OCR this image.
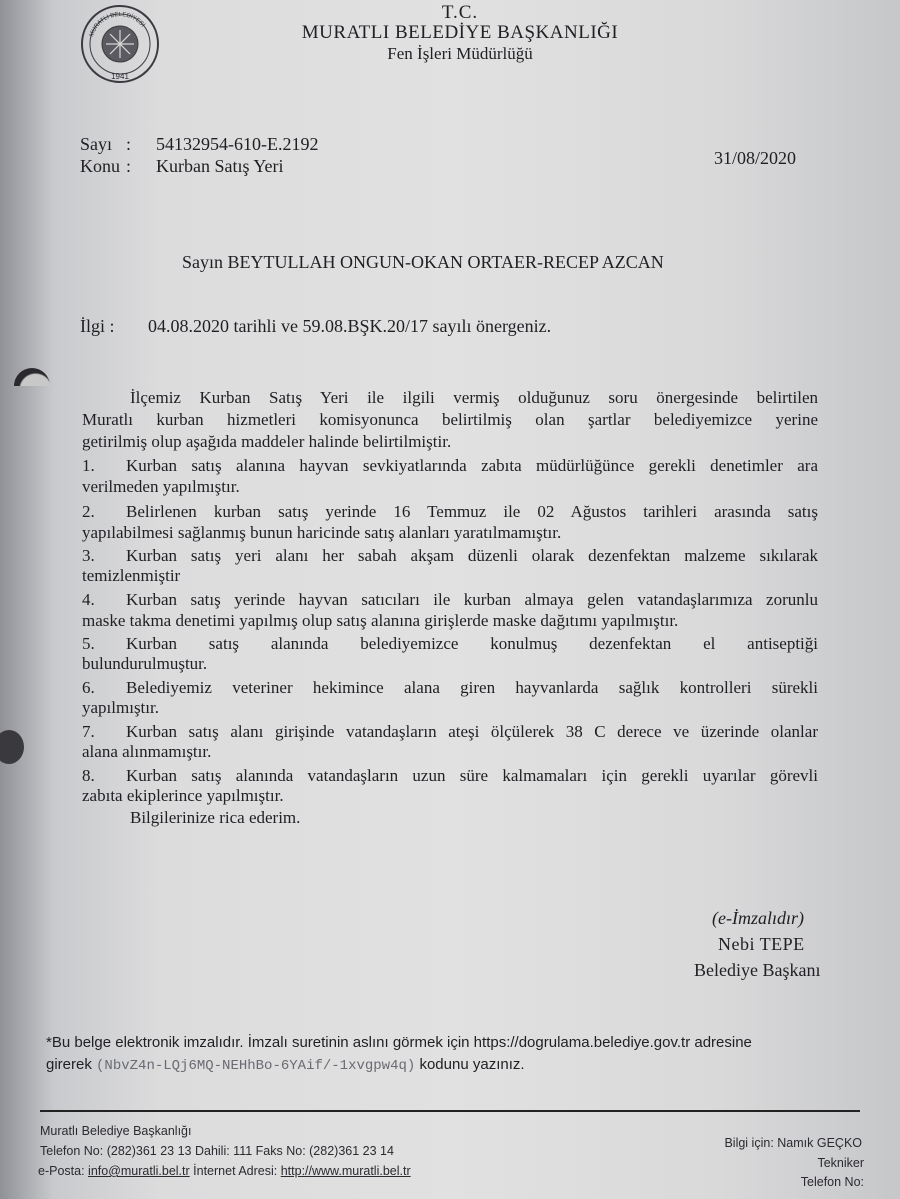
MURATLI BELEDİYESİ
1941
T.C.
MURATLI BELEDİYE BAŞKANLIĞI
Fen İşleri Müdürlüğü
Sayı : 54132954-610-E.2192
Konu : Kurban Satış Yeri	31/08/2020
Sayın BEYTULLAH ONGUN-OKAN ORTAER-RECEP AZCAN
İlgi : 04.08.2020 tarihli ve 59.08.BŞK.20/17 sayılı önergeniz.
İlçemiz Kurban Satış Yeri ile ilgili vermiş olduğunuz soru önergesinde belirtilen
Muratlı kurban hizmetleri komisyonunca belirtilmiş olan şartlar belediyemizce yerine
getirilmiş olup aşağıda maddeler halinde belirtilmiştir.
1. Kurban satış alanına hayvan sevkiyatlarında zabıta müdürlüğünce gerekli denetimler ara
verilmeden yapılmıştır.
2. Belirlenen kurban satış yerinde 16 Temmuz ile 02 Ağustos tarihleri arasında satış
yapılabilmesi sağlanmış bunun haricinde satış alanları yaratılmamıştır.
3. Kurban satış yeri alanı her sabah akşam düzenli olarak dezenfektan malzeme sıkılarak
temizlenmiştir
4. Kurban satış yerinde hayvan satıcıları ile kurban almaya gelen vatandaşlarımıza zorunlu
maske takma denetimi yapılmış olup satış alanına girişlerde maske dağıtımı yapılmıştır.
5. Kurban satış alanında belediyemizce konulmuş dezenfektan el antiseptiği
bulundurulmuştur.
6. Belediyemiz veteriner hekimince alana giren hayvanlarda sağlık kontrolleri sürekli
yapılmıştır.
7. Kurban satış alanı girişinde vatandaşların ateşi ölçülerek 38 C derece ve üzerinde olanlar
alana alınmamıştır.
8. Kurban satış alanında vatandaşların uzun süre kalmamaları için gerekli uyarılar görevli
zabıta ekiplerince yapılmıştır.
Bilgilerinize rica ederim.
(e-İmzalıdır)
Nebi TEPE
Belediye Başkanı
*Bu belge elektronik imzalıdır. İmzalı suretinin aslını görmek için https://dogrulama.belediye.gov.tr adresine
girerek (NbvZ4n-LQj6MQ-NEHhBo-6YAif/-1xvgpw4q) kodunu yazınız.
Muratlı Belediye Başkanlığı
Telefon No: (282)361 23 13 Dahili: 111 Faks No: (282)361 23 14
e-Posta: info@muratli.bel.tr İnternet Adresi: http://www.muratli.bel.tr
Bilgi için: Namık GEÇKO
Tekniker
Telefon No:
